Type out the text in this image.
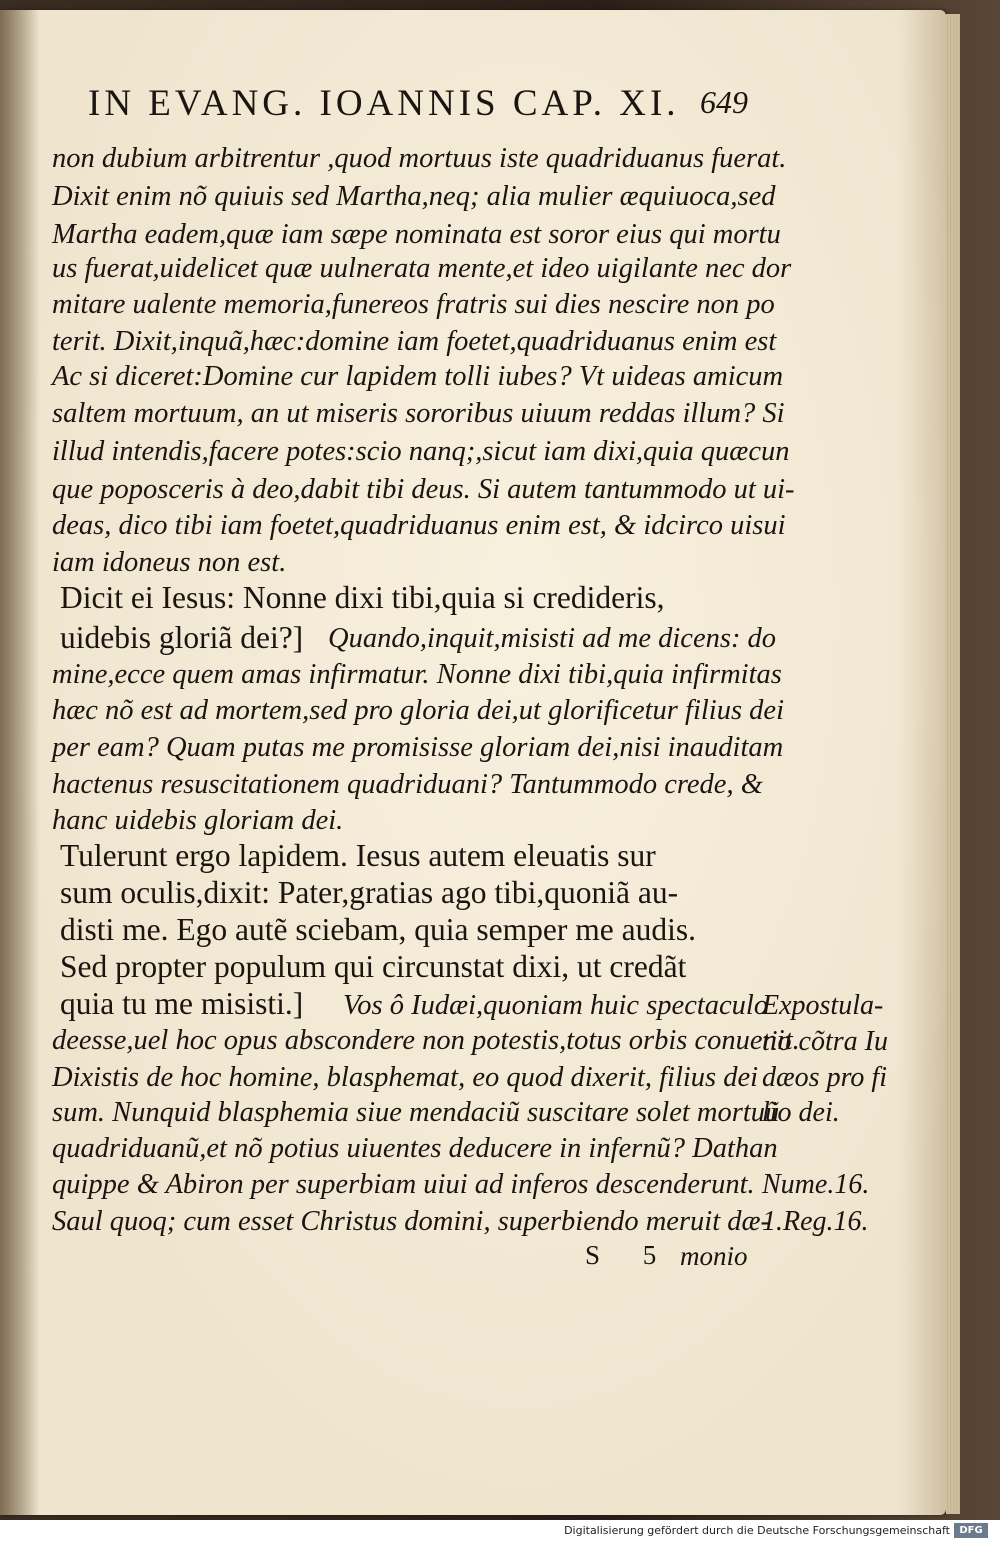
IN EVANG. IOANNIS CAP. XI. 649
non dubium arbitrentur ,quod mortuus iste quadriduanus fuerat.
Dixit enim nõ quiuis sed Martha,neq; alia mulier æquiuoca,sed
Martha eadem,quæ iam sæpe nominata est soror eius qui mortu
us fuerat,uidelicet quæ uulnerata mente,et ideo uigilante nec dor
mitare ualente memoria,funereos fratris sui dies nescire non po
terit. Dixit,inquã,hæc:domine iam foetet,quadriduanus enim est
Ac si diceret:Domine cur lapidem tolli iubes? Vt uideas amicum
saltem mortuum, an ut miseris sororibus uiuum reddas illum? Si
illud intendis,facere potes:scio nanq;,sicut iam dixi,quia quæcun
que poposceris à deo,dabit tibi deus. Si autem tantummodo ut ui-
deas, dico tibi iam foetet,quadriduanus enim est, & idcirco uisui
iam idoneus non est.
Dicit ei Iesus: Nonne dixi tibi,quia si credideris,
uidebis gloriã dei?] Quando,inquit,misisti ad me dicens: do
mine,ecce quem amas infirmatur. Nonne dixi tibi,quia infirmitas
hæc nõ est ad mortem,sed pro gloria dei,ut glorificetur filius dei
per eam? Quam putas me promisisse gloriam dei,nisi inauditam
hactenus resuscitationem quadriduani? Tantummodo crede, &
hanc uidebis gloriam dei.
Tulerunt ergo lapidem. Iesus autem eleuatis sur
sum oculis,dixit: Pater,gratias ago tibi,quoniã au-
disti me. Ego autẽ sciebam, quia semper me audis.
Sed propter populum qui circunstat dixi, ut credãt
quia tu me misisti.] Vos ô Iudæi,quoniam huic spectaculo
deesse,uel hoc opus abscondere non potestis,totus orbis conuenit.
Dixistis de hoc homine, blasphemat, eo quod dixerit, filius dei
sum. Nunquid blasphemia siue mendaciũ suscitare solet mortuũ
quadriduanũ,et nõ potius uiuentes deducere in infernũ? Dathan
quippe & Abiron per superbiam uiui ad inferos descenderunt.
Saul quoq; cum esset Christus domini, superbiendo meruit dæ-
Expostula-
tio cõtra Iu
dæos pro fi
lio dei.
Nume.16.
1.Reg.16.
S 5 monio
Digitalisierung gefördert durch die Deutsche Forschungsgemeinschaft DFG
